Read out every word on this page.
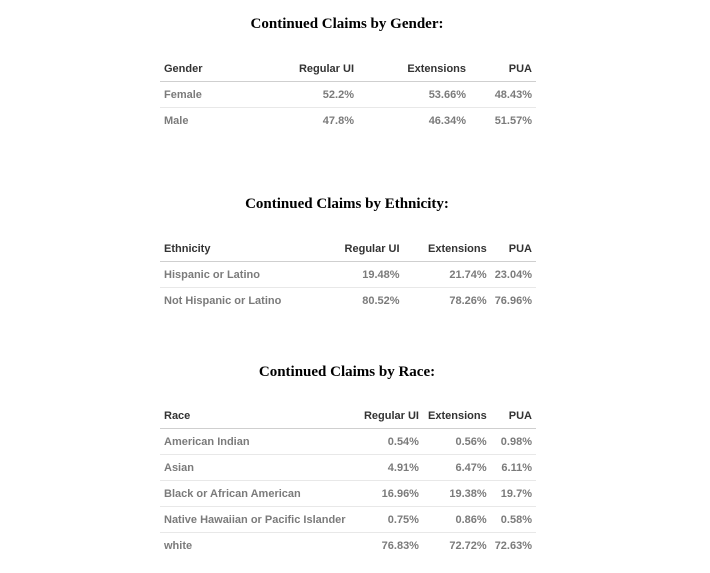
Continued Claims by Gender:
Gender	Regular UI	Extensions	PUA
Female	52.2%	53.66%	48.43%
Male	47.8%	46.34%	51.57%
Continued Claims by Ethnicity:
Ethnicity	Regular UI	Extensions	PUA
Hispanic or Latino	19.48%	21.74%	23.04%
Not Hispanic or Latino	80.52%	78.26%	76.96%
Continued Claims by Race:
Race	Regular UI	Extensions	PUA
American Indian	0.54%	0.56%	0.98%
Asian	4.91%	6.47%	6.11%
Black or African American	16.96%	19.38%	19.7%
Native Hawaiian or Pacific Islander	0.75%	0.86%	0.58%
white	76.83%	72.72%	72.63%
